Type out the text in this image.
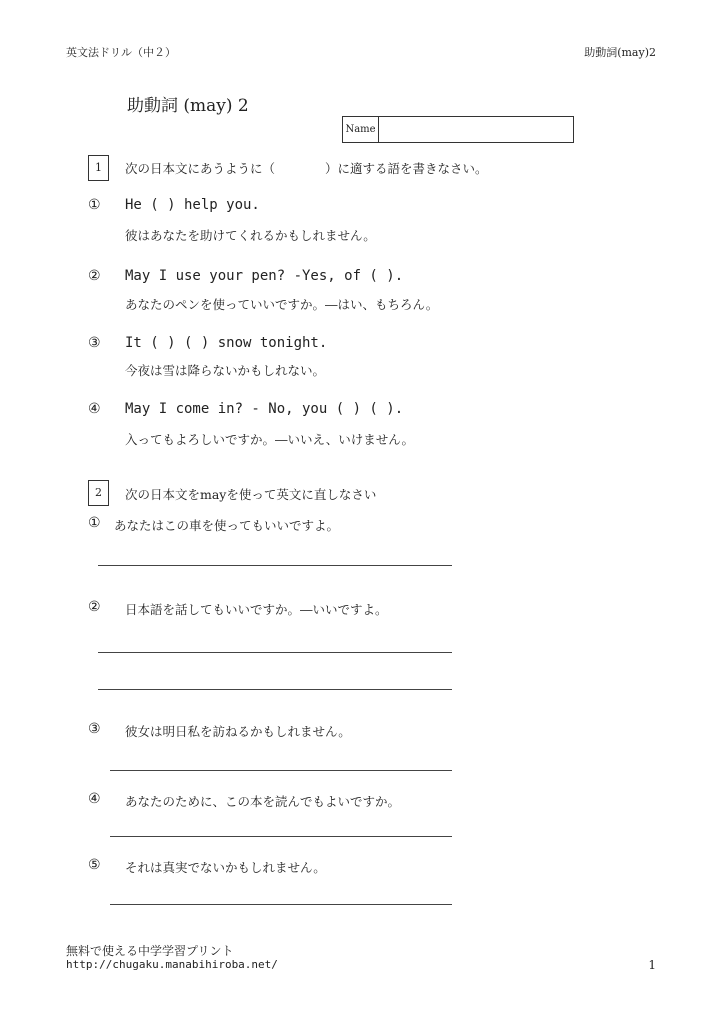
英文法ドリル（中２）	助動詞(may)2
助動詞 (may) 2
Name
1	次の日本文にあうように（　　　　）に適する語を書きなさい。
① He ( ) help you.
彼はあなたを助けてくれるかもしれません。
② May I use your pen? -Yes, of ( ).
あなたのペンを使っていいですか。―はい、もちろん。
③ It ( ) ( ) snow tonight.
今夜は雪は降らないかもしれない。
④ May I come in? - No, you ( ) ( ).
入ってもよろしいですか。―いいえ、いけません。
2	次の日本文をmayを使って英文に直しなさい
① あなたはこの車を使ってもいいですよ。
② 日本語を話してもいいですか。―いいですよ。
③ 彼女は明日私を訪ねるかもしれません。
④ あなたのために、この本を読んでもよいですか。
⑤ それは真実でないかもしれません。
無料で使える中学学習プリント
http://chugaku.manabihiroba.net/	1
